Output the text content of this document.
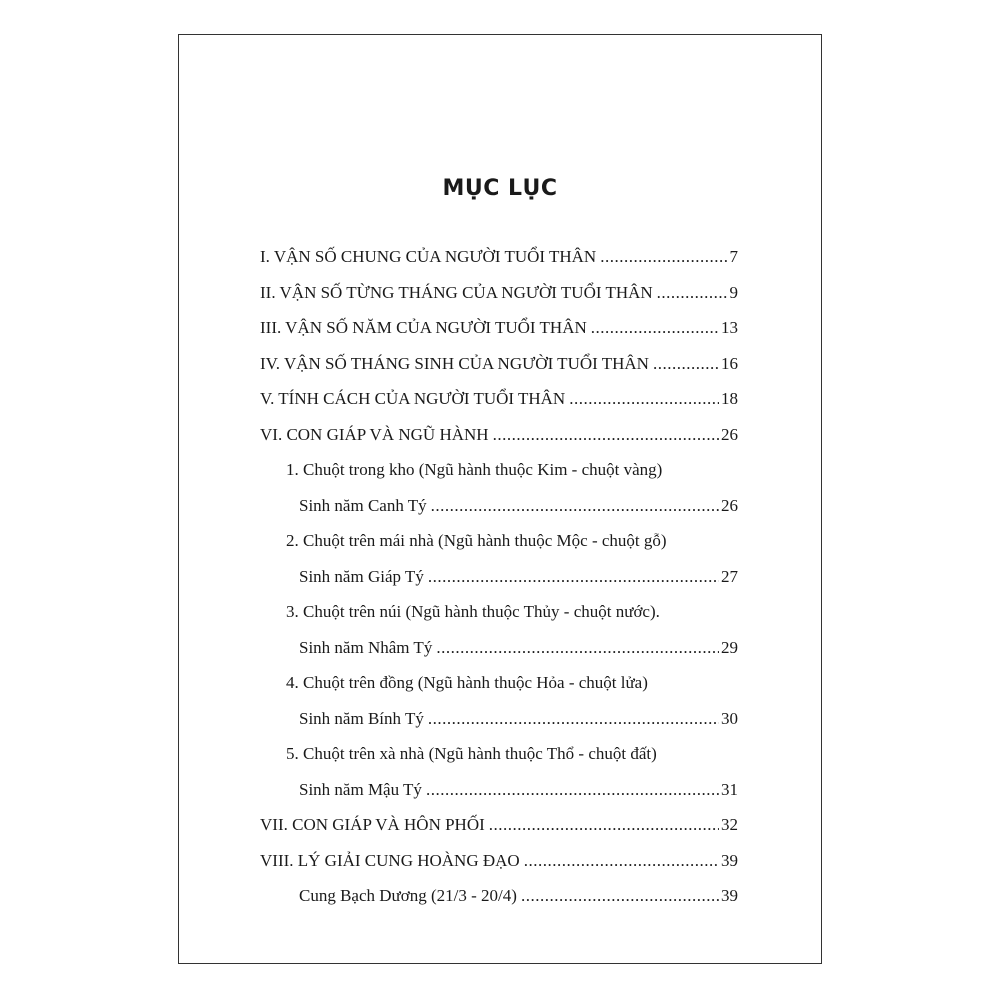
MỤC LỤC
I. VẬN SỐ CHUNG CỦA NGƯỜI TUỔI THÂN .....	7
II. VẬN SỐ TỪNG THÁNG CỦA NGƯỜI TUỔI THÂN .....	9
III. VẬN SỐ NĂM CỦA NGƯỜI TUỔI THÂN .....	13
IV. VẬN SỐ THÁNG SINH CỦA NGƯỜI TUỔI THÂN .....	16
V. TÍNH CÁCH CỦA NGƯỜI TUỔI THÂN .....	18
VI. CON GIÁP VÀ NGŨ HÀNH .....	26
1. Chuột trong kho (Ngũ hành thuộc Kim - chuột vàng)
Sinh năm Canh Tý .....	26
2. Chuột trên mái nhà (Ngũ hành thuộc Mộc - chuột gỗ)
Sinh năm Giáp Tý .....	27
3. Chuột trên núi (Ngũ hành thuộc Thủy - chuột nước).
Sinh năm Nhâm Tý .....	29
4. Chuột trên đồng (Ngũ hành thuộc Hỏa - chuột lửa)
Sinh năm Bính Tý .....	30
5. Chuột trên xà nhà (Ngũ hành thuộc Thổ - chuột đất)
Sinh năm Mậu Tý .....	31
VII. CON GIÁP VÀ HÔN PHỐI .....	32
VIII. LÝ GIẢI CUNG HOÀNG ĐẠO .....	39
Cung Bạch Dương (21/3 - 20/4) .....	39
